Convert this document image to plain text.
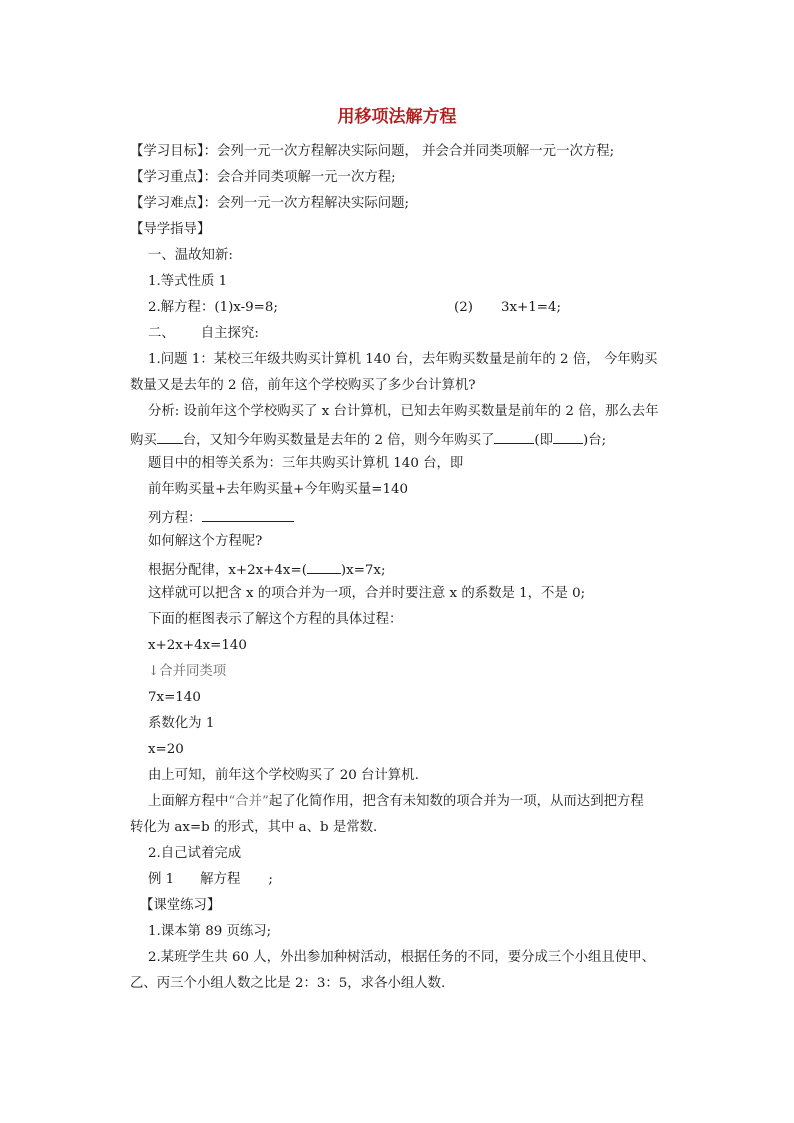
用移项法解方程
【学习目标】：会列一元一次方程解决实际问题， 并会合并同类项解一元一次方程;
【学习重点】：会合并同类项解一元一次方程;
【学习难点】：会列一元一次方程解决实际问题;
【导学指导】
一、温故知新:
1.等式性质 1
2.解方程：(1)x-9=8;	(2) 3x+1=4;
二、 自主探究:
1.问题 1：某校三年级共购买计算机 140 台，去年购买数量是前年的 2 倍， 今年购买
数量又是去年的 2 倍，前年这个学校购买了多少台计算机?
分析: 设前年这个学校购买了 x 台计算机，已知去年购买数量是前年的 2 倍，那么去年
购买 台，又知今年购买数量是去年的 2 倍，则今年购买了	(即 )台;
题目中的相等关系为：三年共购买计算机 140 台，即
前年购买量+去年购买量+今年购买量=140
列方程：
如何解这个方程呢?
根据分配律，x+2x+4x=(	)x=7x;
这样就可以把含 x 的项合并为一项，合并时要注意 x 的系数是 1，不是 0;
下面的框图表示了解这个方程的具体过程：
x+2x+4x=140
↓合并同类项
7x=140
系数化为 1
x=20
由上可知，前年这个学校购买了 20 台计算机.
上面解方程中“合并”起了化简作用，把含有未知数的项合并为一项，从而达到把方程
转化为 ax=b 的形式，其中 a、b 是常数.
2.自己试着完成
例 1 解方程 ;
【课堂练习】
1.课本第 89 页练习;
2.某班学生共 60 人，外出参加种树活动，根据任务的不同，要分成三个小组且使甲、
乙、丙三个小组人数之比是 2：3：5，求各小组人数.
